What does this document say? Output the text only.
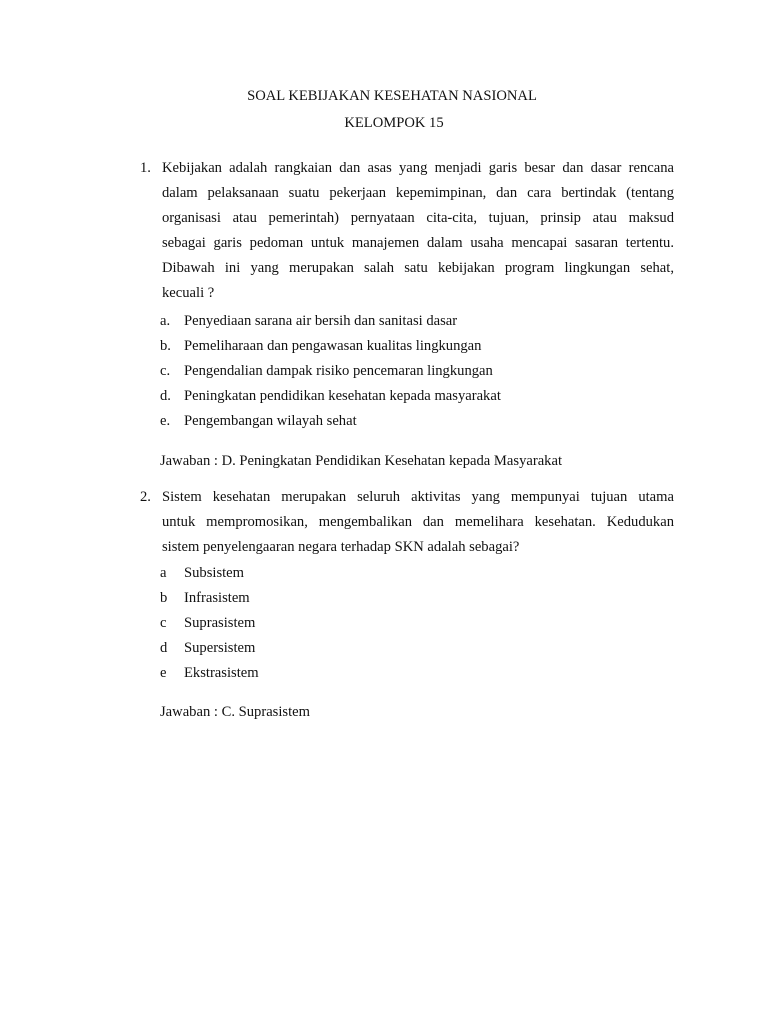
SOAL KEBIJAKAN KESEHATAN NASIONAL
KELOMPOK 15
1. Kebijakan adalah rangkaian dan asas yang menjadi garis besar dan dasar rencana
dalam pelaksanaan suatu pekerjaan kepemimpinan, dan cara bertindak (tentang
organisasi atau pemerintah) pernyataan cita-cita, tujuan, prinsip atau maksud
sebagai garis pedoman untuk manajemen dalam usaha mencapai sasaran tertentu.
Dibawah ini yang merupakan salah satu kebijakan program lingkungan sehat,
kecuali ?
a. Penyediaan sarana air bersih dan sanitasi dasar
b. Pemeliharaan dan pengawasan kualitas lingkungan
c. Pengendalian dampak risiko pencemaran lingkungan
d. Peningkatan pendidikan kesehatan kepada masyarakat
e. Pengembangan wilayah sehat
Jawaban : D. Peningkatan Pendidikan Kesehatan kepada Masyarakat
2. Sistem kesehatan merupakan seluruh aktivitas yang mempunyai tujuan utama
untuk mempromosikan, mengembalikan dan memelihara kesehatan. Kedudukan
sistem penyelengaaran negara terhadap SKN adalah sebagai?
a Subsistem
b Infrasistem
c Suprasistem
d Supersistem
e Ekstrasistem
Jawaban : C. Suprasistem
